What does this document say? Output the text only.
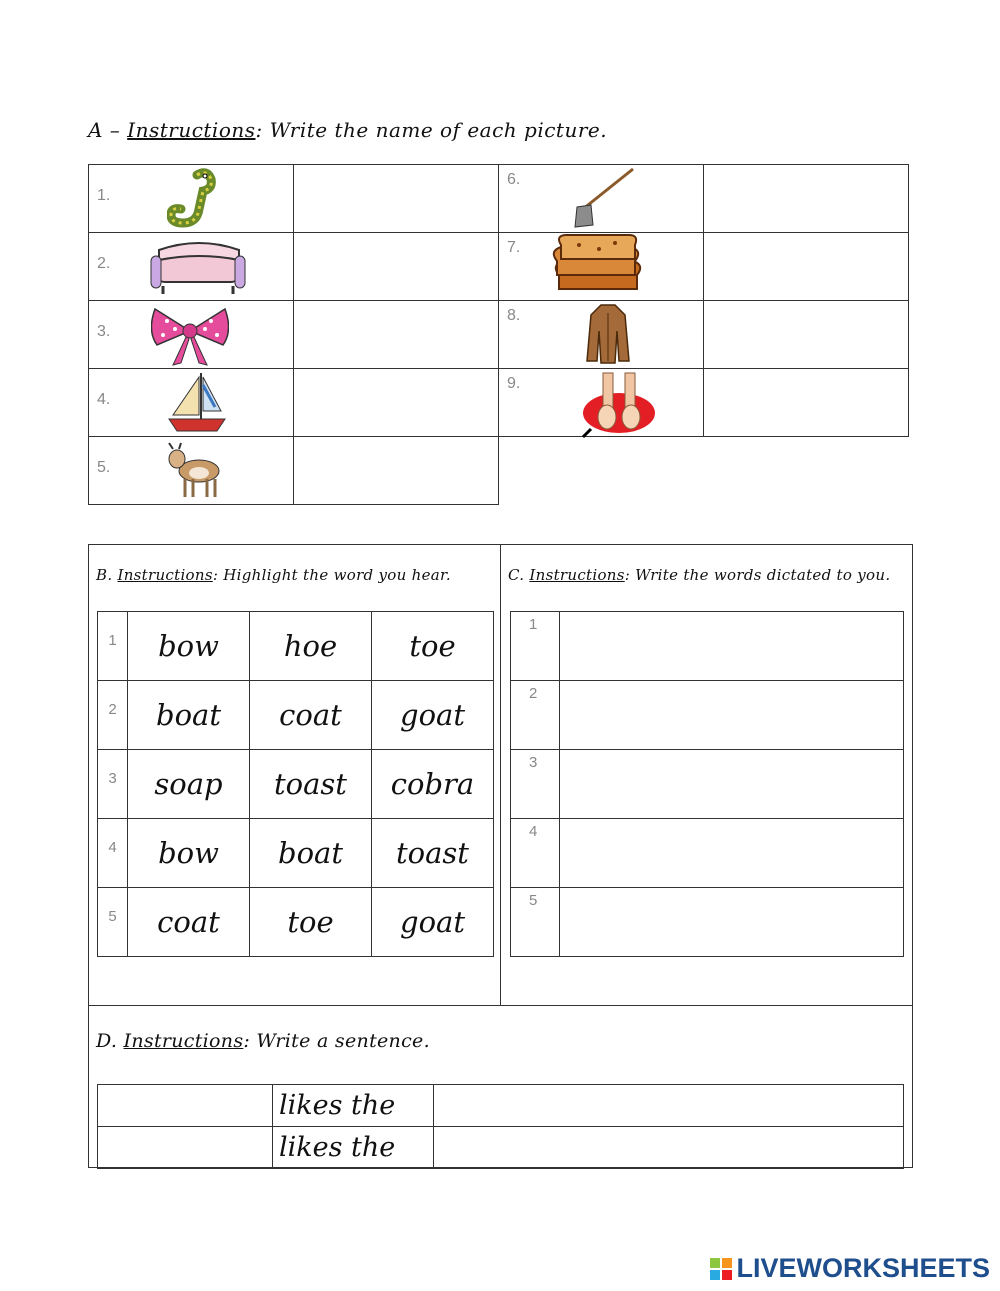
A – Instructions: Write the name of each picture.
1.	

2.	

3.	

4.	

5.	

6.	

7.	

8.	

9.	

B. Instructions: Highlight the word you hear.
1	bow	hoe	toe

2	boat	coat	goat

3	soap	toast	cobra

4	bow	boat	toast

5	coat	toe	goat
C. Instructions: Write the words dictated to you.
1	

2	

3	

4	

5	

D. Instructions: Write a sentence.
	likes the	
	likes the	
LIVEWORKSHEETS
